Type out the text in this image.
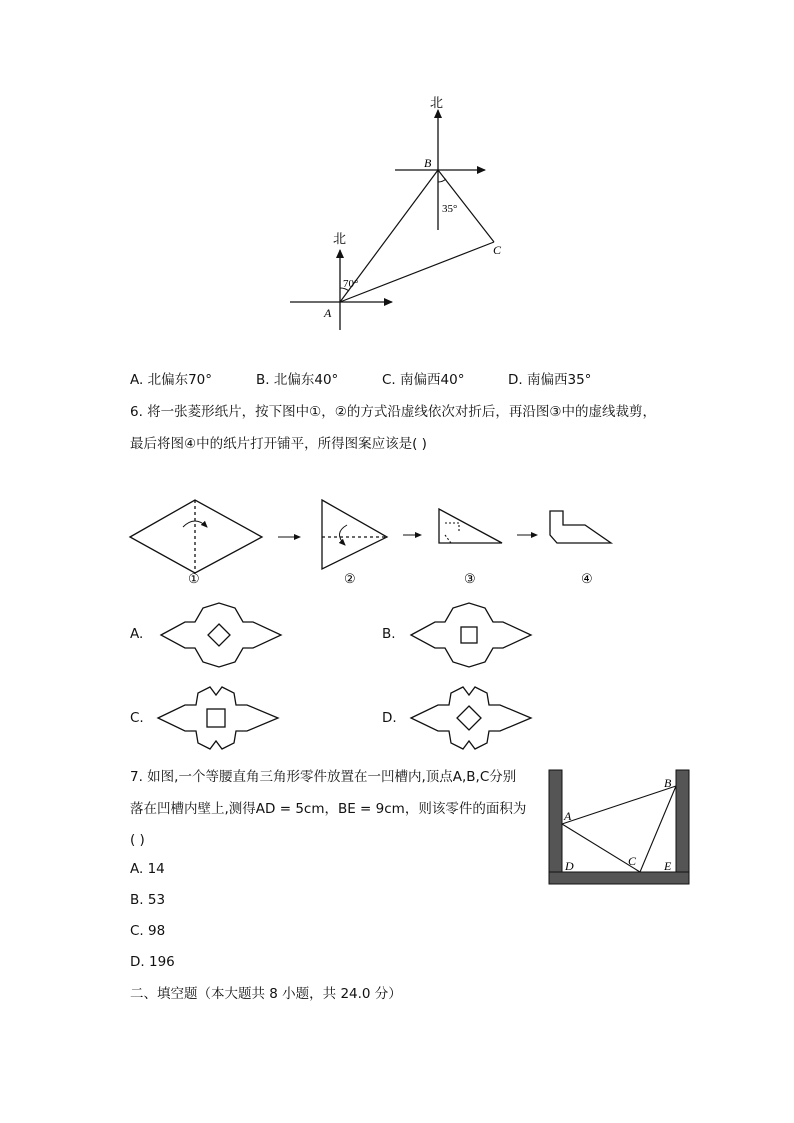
北
北
B
C
A
35°
70°
A. 北偏东70°	B. 北偏东40°	C. 南偏西40°	D. 南偏西35°
6. 将一张菱形纸片，按下图中①，②的方式沿虚线依次对折后，再沿图③中的虚线裁剪，
最后将图④中的纸片打开铺平，所得图案应该是( )
①	②	③	④
A.	B.
C.	D.
7. 如图,一个等腰直角三角形零件放置在一凹槽内,顶点A,B,C分别
落在凹槽内壁上,测得AD = 5cm，BE = 9cm，则该零件的面积为
( )
A
B
C
D	E
A. 14
B. 53
C. 98
D. 196
二、填空题（本大题共 8 小题，共 24.0 分）
